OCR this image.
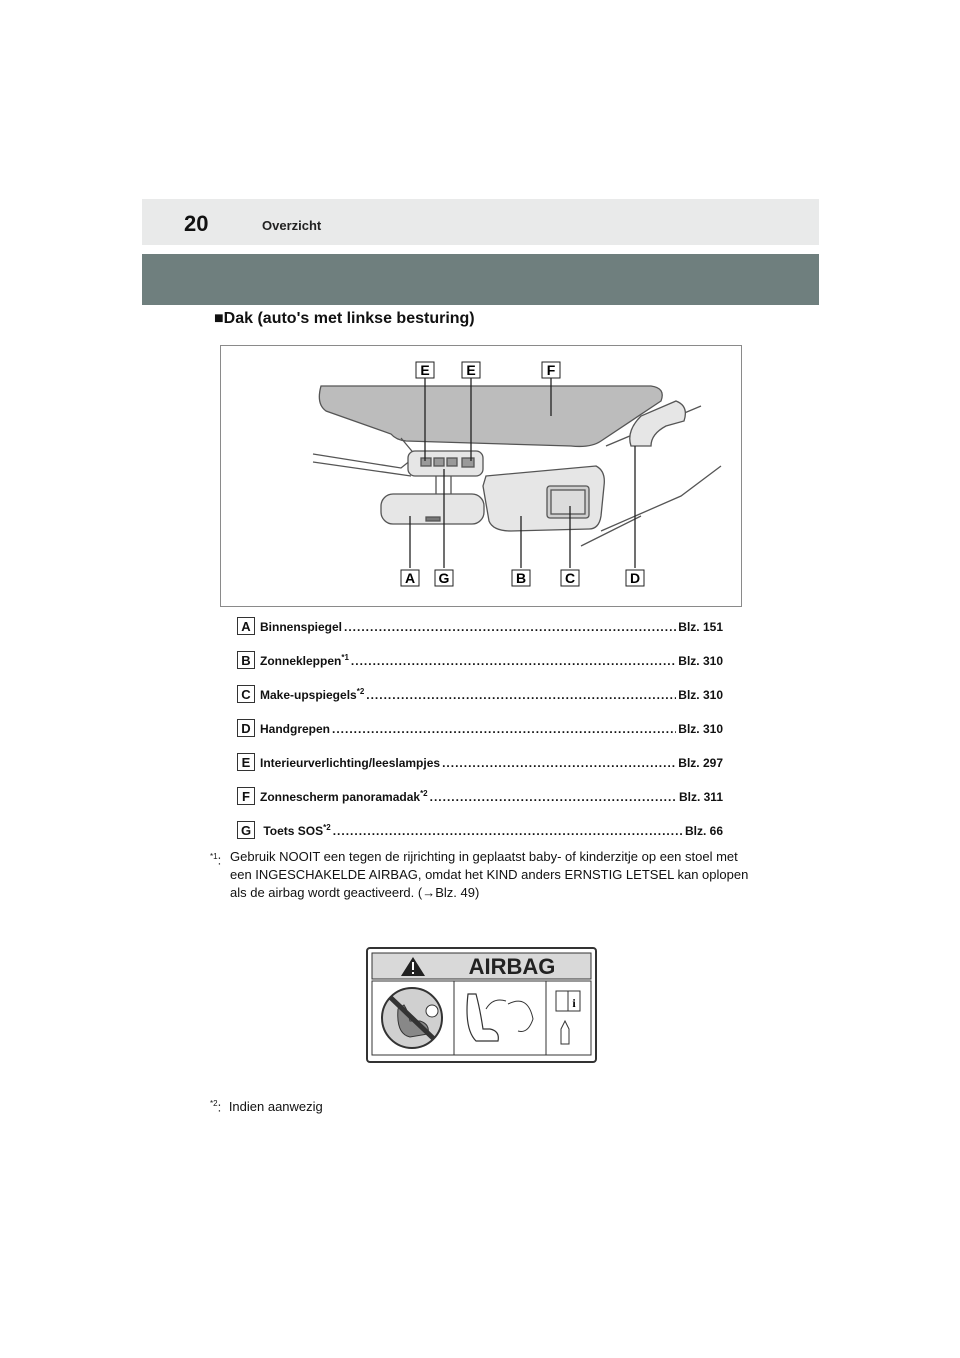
20	Overzicht
■Dak (auto's met linkse besturing)
E	E	F
A G	B	C	D
A Binnenspiegel .....	Blz. 151
B Zonnekleppen$^{*1}$ .....	Blz. 310
C Make-upspiegels$^{*2}$ .....	Blz. 310
D Handgrepen .....	Blz. 310
E Interieurverlichting/leeslampjes .....	Blz. 297
F Zonnescherm panoramadak$^{*2}$ .....	Blz. 311
G Toets SOS$^{*2}$ .....	Blz. 66
$^{*1}$: Gebruik NOOIT een tegen de rijrichting in geplaatst baby- of kinderzitje op een stoel met een INGESCHAKELDE AIRBAG, omdat het KIND anders ERNSTIG LETSEL kan oplopen als de airbag wordt geactiveerd. (→Blz. 49)
AIRBAG
i
$^{*2}$: Indien aanwezig
